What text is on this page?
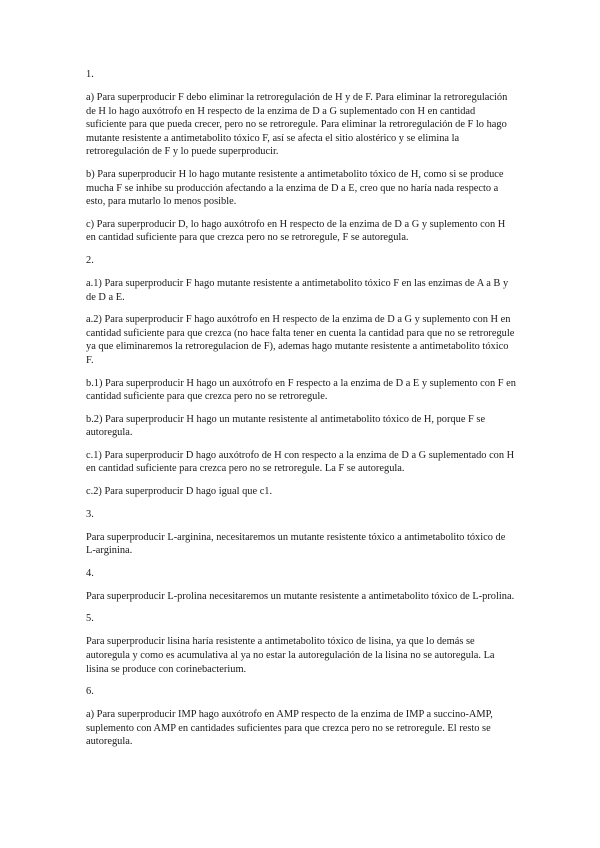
1.

a) Para superproducir F debo eliminar la retroregulación de H y de F. Para eliminar la retroregulación de H lo hago auxótrofo en H respecto de la enzima de D a G suplementado con H en cantidad suficiente para que pueda crecer, pero no se retroregule. Para eliminar la retroregulación de F lo hago mutante resistente a antimetabolito tóxico F, así se afecta el sitio alostérico y se elimina la retroregulación de F y lo puede superproducir.

b) Para superproducir H lo hago mutante resistente a antimetabolito tóxico de H, como si se produce mucha F se inhibe su producción afectando a la enzima de D a E, creo que no haría nada respecto a esto, para mutarlo lo menos posible.

c) Para superproducir D, lo hago auxótrofo en H respecto de la enzima de D a G y suplemento con H en cantidad suficiente para que crezca pero no se retroregule, F se autoregula.

2.

a.1) Para superproducir F hago mutante resistente a antimetabolito tóxico F en las enzimas de A a B y de D a E.

a.2) Para superproducir F hago auxótrofo en H respecto de la enzima de D a G y suplemento con H en cantidad suficiente para que crezca (no hace falta tener en cuenta la cantidad para que no se retroregule ya que eliminaremos la retroregulacion de F), ademas hago mutante resistente a antimetabolito tóxico F.

b.1) Para superproducir H hago un auxótrofo en F respecto a la enzima de D a E y suplemento con F en cantidad suficiente para que crezca pero no se retroregule.

b.2) Para superproducir H hago un mutante resistente al antimetabolito tóxico de H, porque F se autoregula.

c.1) Para superproducir D hago auxótrofo de H con respecto a la enzima de D a G suplementado con H en cantidad suficiente para crezca pero no se retroregule. La F se autoregula.

c.2) Para superproducir D hago igual que c1.

3.

Para superproducir L-arginina, necesitaremos un mutante resistente tóxico a antimetabolito tóxico de L-arginina.

4.

Para superproducir L-prolina necesitaremos un mutante resistente a antimetabolito tóxico de L-prolina.

5.

Para superproducir lisina haría resistente a antimetabolito tóxico de lisina, ya que lo demás se autoregula y como es acumulativa al ya no estar la autoregulación de la lisina no se autoregula. La lisina se produce con corinebacterium.

6.

a) Para superproducir IMP hago auxótrofo en AMP respecto de la enzima de IMP a succino-AMP, suplemento con AMP en cantidades suficientes para que crezca pero no se retroregule. El resto se autoregula.
